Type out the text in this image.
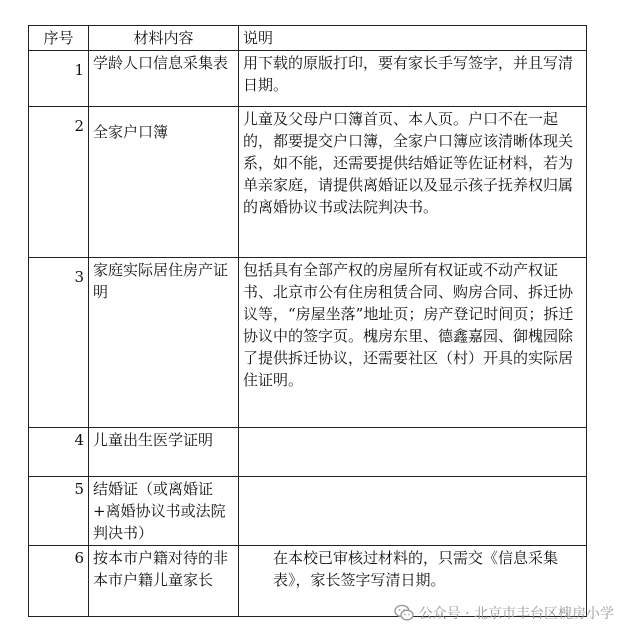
序号	材料内容	说明
1	学龄人口信息采集表	用下载的原版打印，要有家长手写签字，并且写清日期。
2	全家户口簿	儿童及父母户口簿首页、本人页。户口不在一起的，都要提交户口簿，全家户口簿应该清晰体现关系，如不能，还需要提供结婚证等佐证材料，若为单亲家庭，请提供离婚证以及显示孩子抚养权归属的离婚协议书或法院判决书。
3	家庭实际居住房产证明	包括具有全部产权的房屋所有权证或不动产权证书、北京市公有住房租赁合同、购房合同、拆迁协议等，“房屋坐落”地址页；房产登记时间页；拆迁协议中的签字页。槐房东里、德鑫嘉园、御槐园除了提供拆迁协议，还需要社区（村）开具的实际居住证明。
4	儿童出生医学证明	
5	结婚证（或离婚证+离婚协议书或法院判决书）	
6	按本市户籍对待的非本市户籍儿童家长	在本校已审核过材料的，只需交《信息采集表》，家长签字写清日期。
公众号 · 北京市丰台区槐房小学
